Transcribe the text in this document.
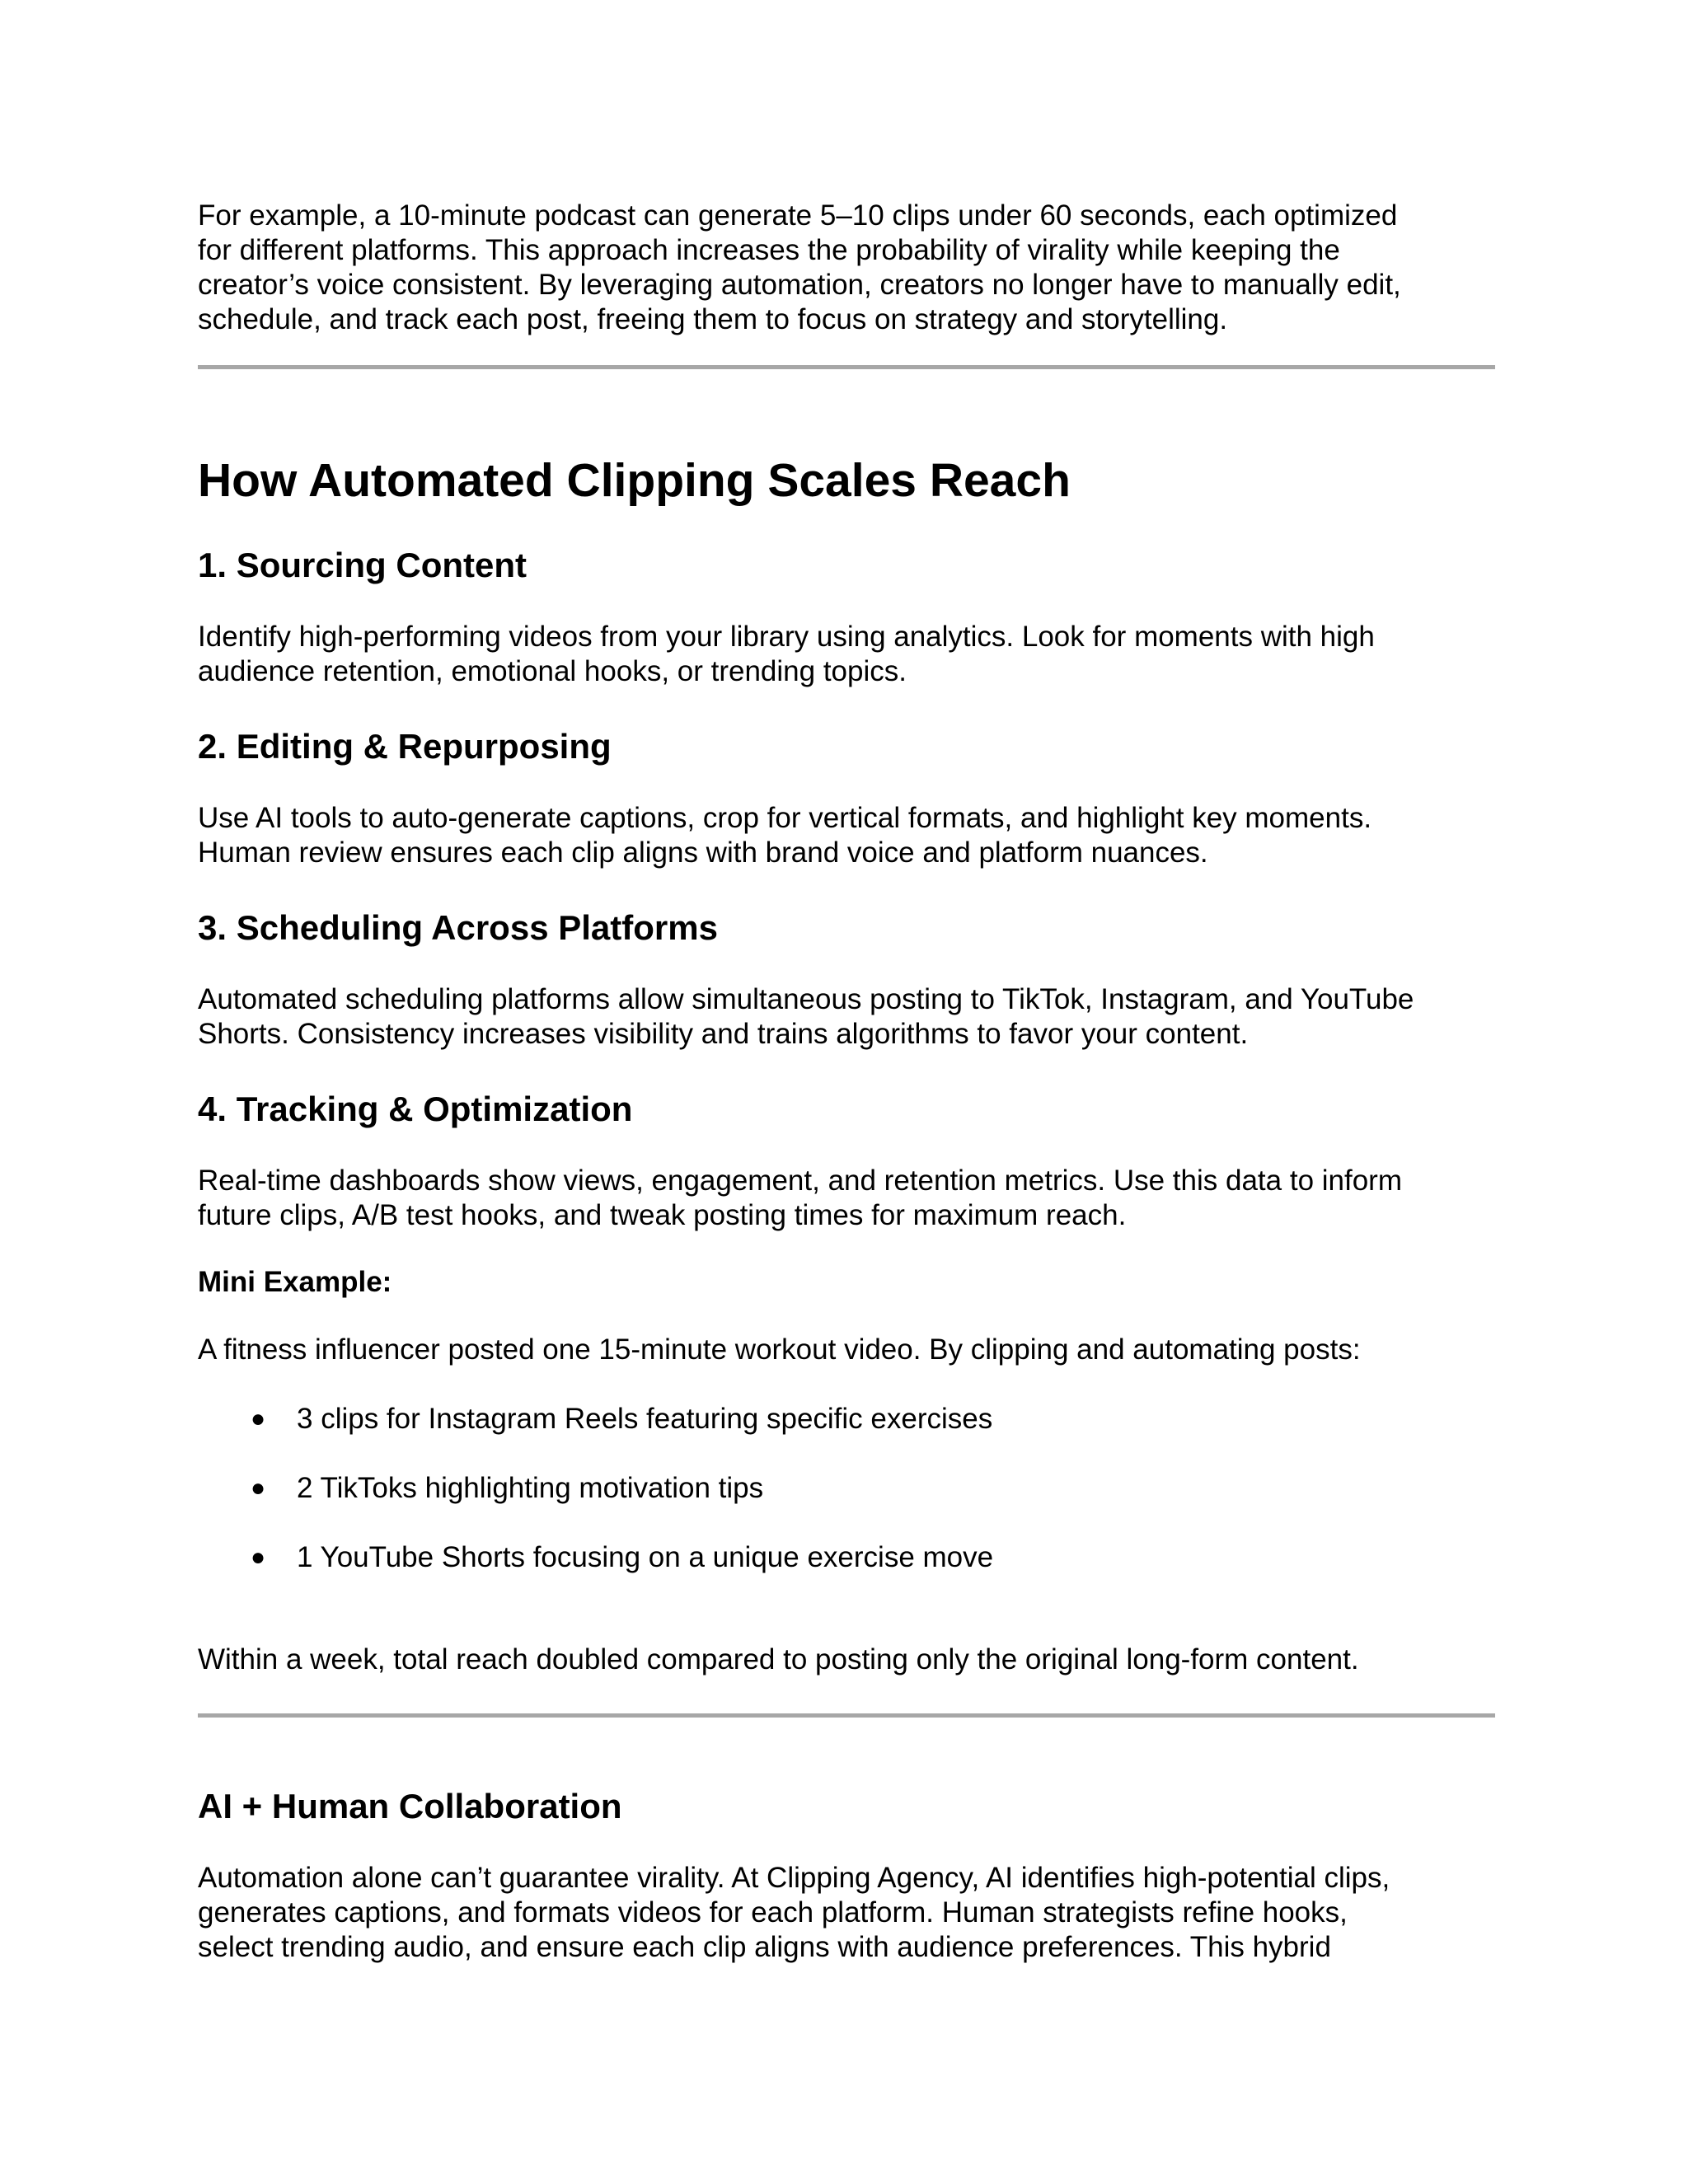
For example, a 10-minute podcast can generate 5–10 clips under 60 seconds, each optimized
for different platforms. This approach increases the probability of virality while keeping the
creator’s voice consistent. By leveraging automation, creators no longer have to manually edit,
schedule, and track each post, freeing them to focus on strategy and storytelling.
How Automated Clipping Scales Reach
1. Sourcing Content
Identify high-performing videos from your library using analytics. Look for moments with high
audience retention, emotional hooks, or trending topics.
2. Editing & Repurposing
Use AI tools to auto-generate captions, crop for vertical formats, and highlight key moments.
Human review ensures each clip aligns with brand voice and platform nuances.
3. Scheduling Across Platforms
Automated scheduling platforms allow simultaneous posting to TikTok, Instagram, and YouTube
Shorts. Consistency increases visibility and trains algorithms to favor your content.
4. Tracking & Optimization
Real-time dashboards show views, engagement, and retention metrics. Use this data to inform
future clips, A/B test hooks, and tweak posting times for maximum reach.
Mini Example:
A fitness influencer posted one 15-minute workout video. By clipping and automating posts:
● 3 clips for Instagram Reels featuring specific exercises
● 2 TikToks highlighting motivation tips
● 1 YouTube Shorts focusing on a unique exercise move
Within a week, total reach doubled compared to posting only the original long-form content.
AI + Human Collaboration
Automation alone can’t guarantee virality. At Clipping Agency, AI identifies high-potential clips,
generates captions, and formats videos for each platform. Human strategists refine hooks,
select trending audio, and ensure each clip aligns with audience preferences. This hybrid
